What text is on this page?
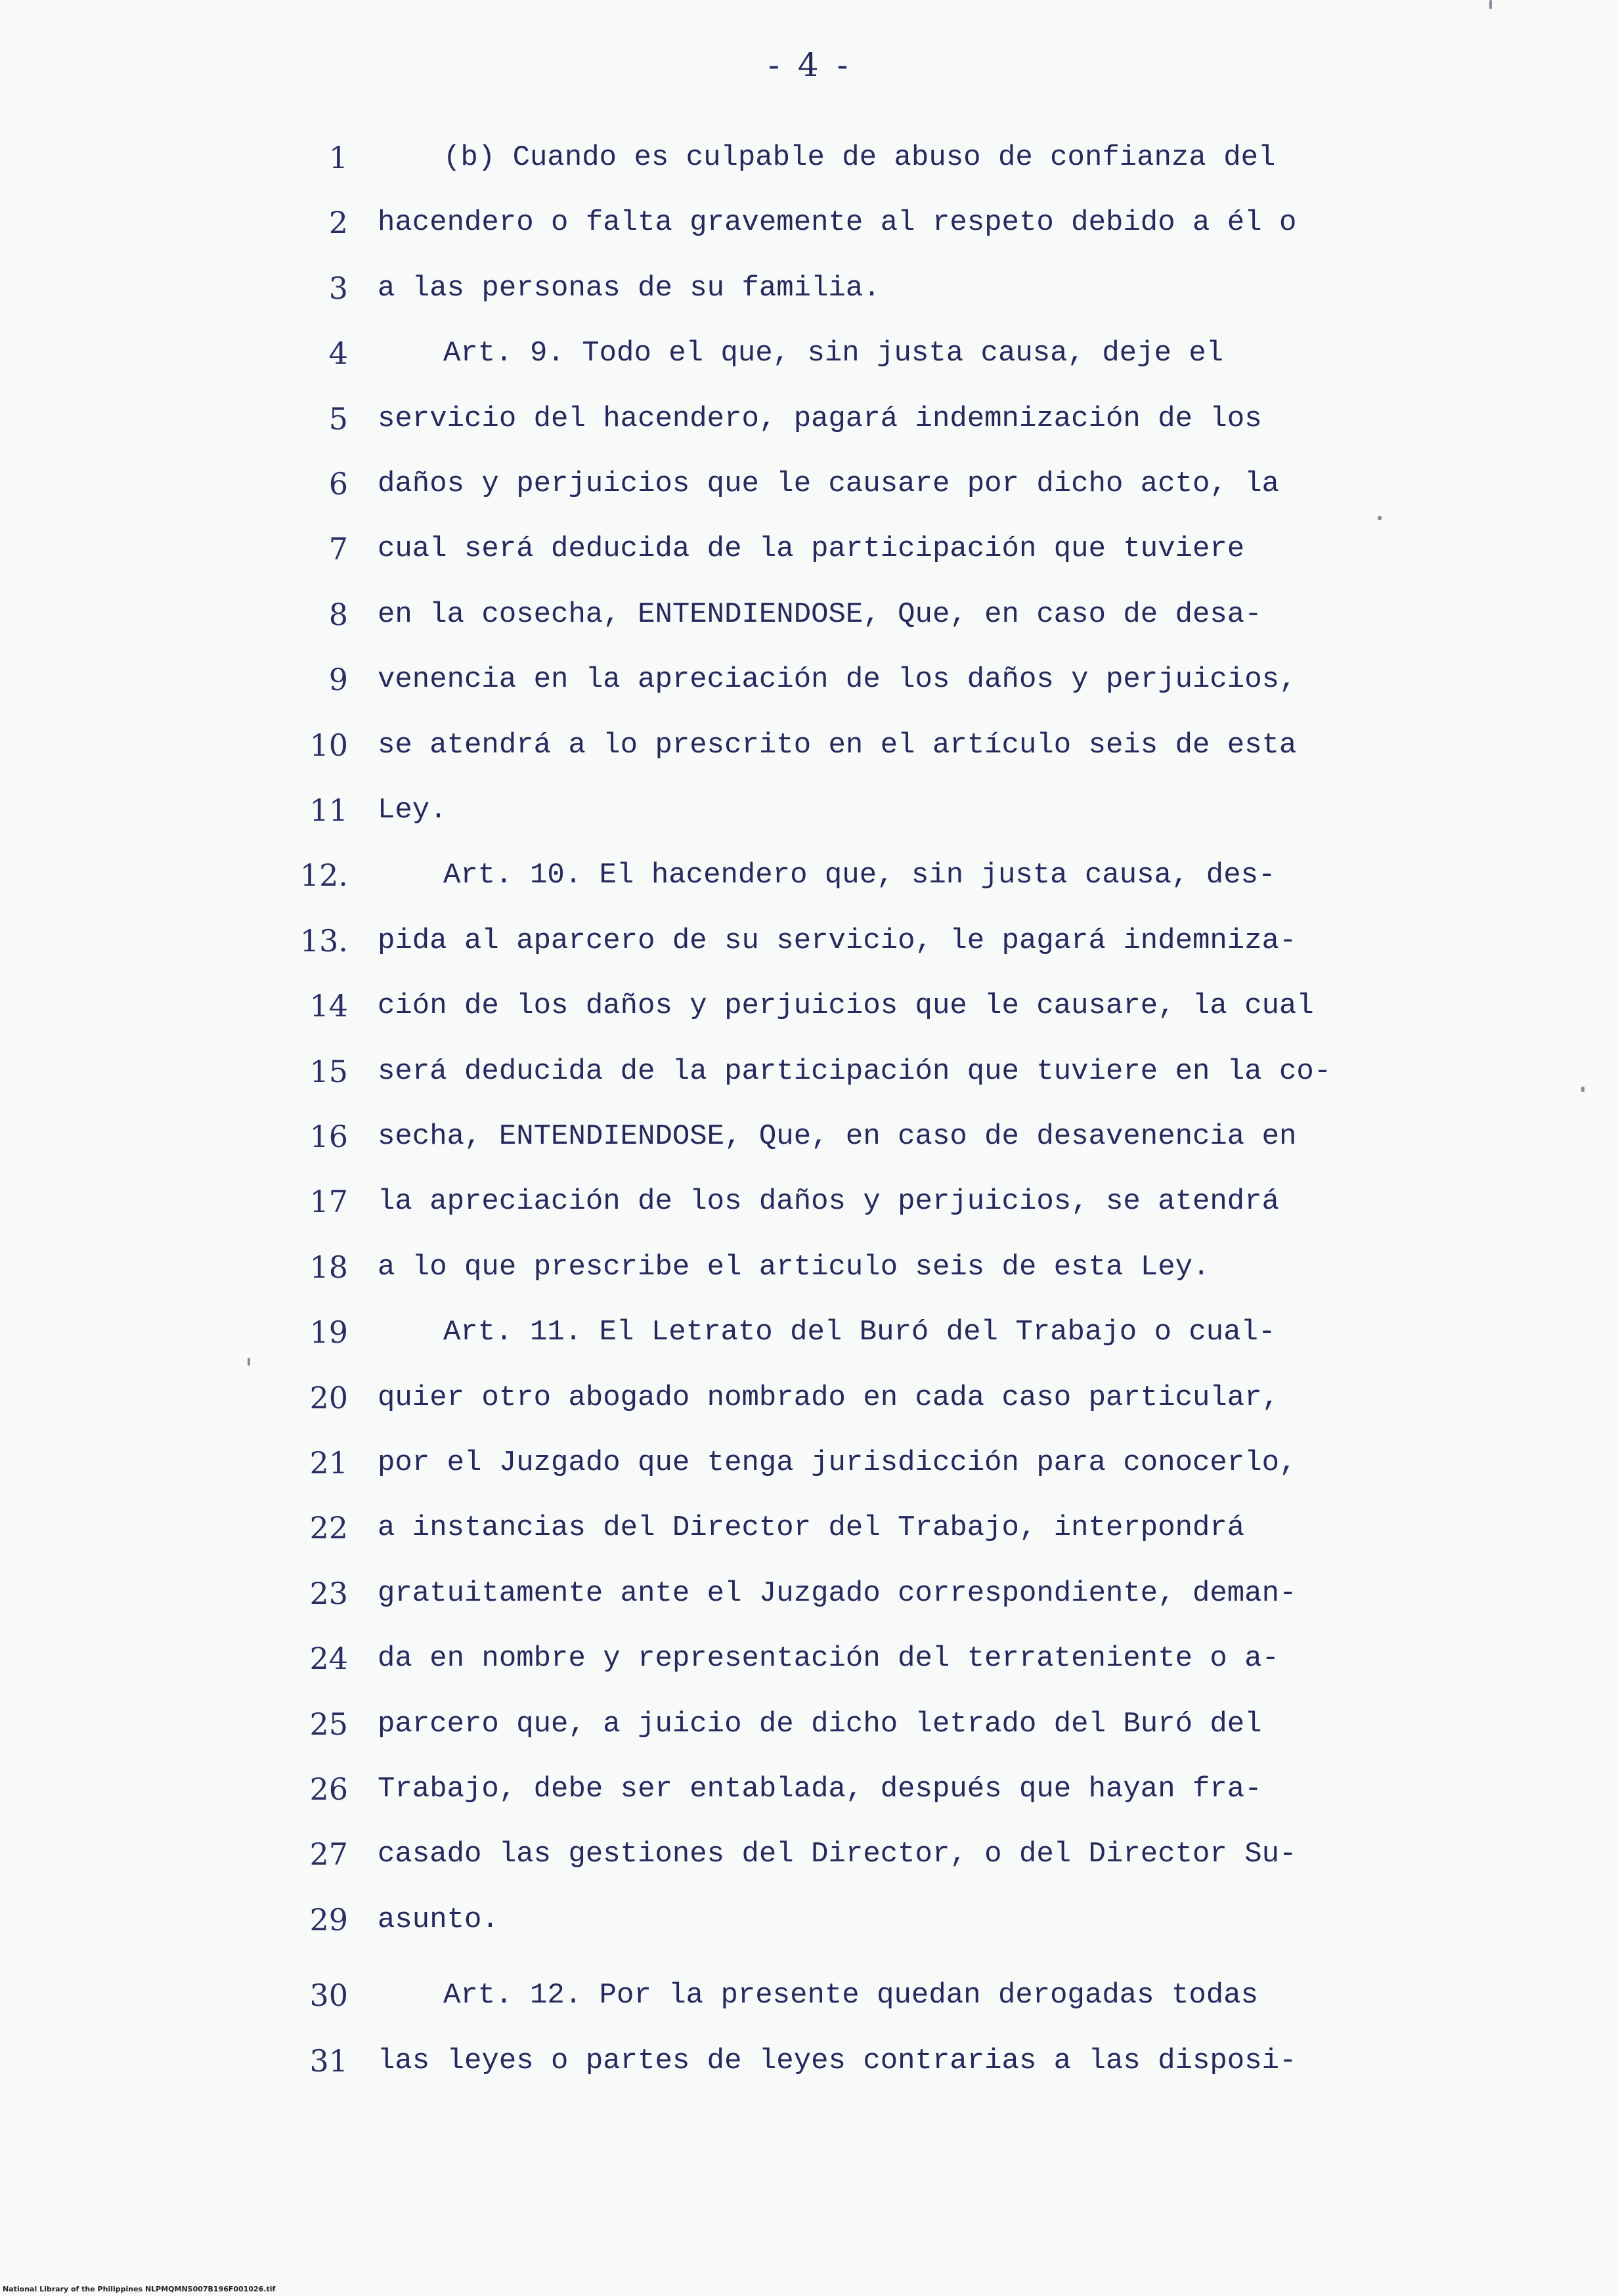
- 4 -
1	(b) Cuando es culpable de abuso de confianza del
2 hacendero o falta gravemente al respeto debido a él o
3 a las personas de su familia.
4	Art. 9. Todo el que, sin justa causa, deje el
5 servicio del hacendero, pagará indemnización de los
6 daños y perjuicios que le causare por dicho acto, la
7 cual será deducida de la participación que tuviere
8 en la cosecha, ENTENDIENDOSE, Que, en caso de desa-
9 venencia en la apreciación de los daños y perjuicios,
10 se atendrá a lo prescrito en el artículo seis de esta
11 Ley.
12.	Art. 10. El hacendero que, sin justa causa, des-
13. pida al aparcero de su servicio, le pagará indemniza-
14 ción de los daños y perjuicios que le causare, la cual
15 será deducida de la participación que tuviere en la co-
16 secha, ENTENDIENDOSE, Que, en caso de desavenencia en
17 la apreciación de los daños y perjuicios, se atendrá
18 a lo que prescribe el articulo seis de esta Ley.
19	Art. 11. El Letrato del Buró del Trabajo o cual-
20 quier otro abogado nombrado en cada caso particular,
21 por el Juzgado que tenga jurisdicción para conocerlo,
22 a instancias del Director del Trabajo, interpondrá
23 gratuitamente ante el Juzgado correspondiente, deman-
24 da en nombre y representación del terrateniente o a-
25 parcero que, a juicio de dicho letrado del Buró del
26 Trabajo, debe ser entablada, después que hayan fra-
27 casado las gestiones del Director, o del Director Su-
29 asunto.
30	Art. 12. Por la presente quedan derogadas todas
31 las leyes o partes de leyes contrarias a las disposi-
National Library of the Philippines NLPMQMNS007B196F001026.tif
